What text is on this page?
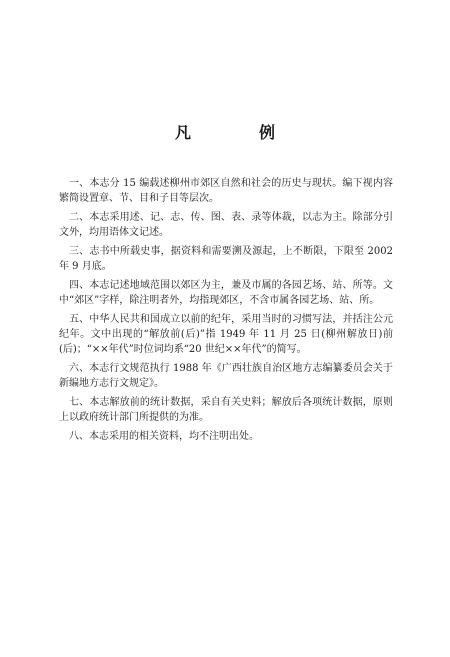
凡　例

一、本志分 15 编载述柳州市郊区自然和社会的历史与现状。编下视内容繁简设置章、节、目和子目等层次。

二、本志采用述、记、志、传、图、表、录等体裁，以志为主。除部分引文外，均用语体文记述。

三、志书中所载史事，据资料和需要溯及源起，上不断限，下限至 2002 年 9 月底。

四、本志记述地域范围以郊区为主，兼及市属的各园艺场、站、所等。文中“郊区”字样，除注明者外，均指现郊区，不含市属各园艺场、站、所。

五、中华人民共和国成立以前的纪年，采用当时的习惯写法，并括注公元纪年。文中出现的“解放前(后)”指 1949 年 11 月 25 日(柳州解放日)前(后)；“××年代”时位词均系“20 世纪××年代”的简写。

六、本志行文规范执行 1988 年《广西壮族自治区地方志编纂委员会关于新编地方志行文规定》。

七、本志解放前的统计数据，采自有关史料；解放后各项统计数据，原则上以政府统计部门所提供的为准。

八、本志采用的相关资料，均不注明出处。
